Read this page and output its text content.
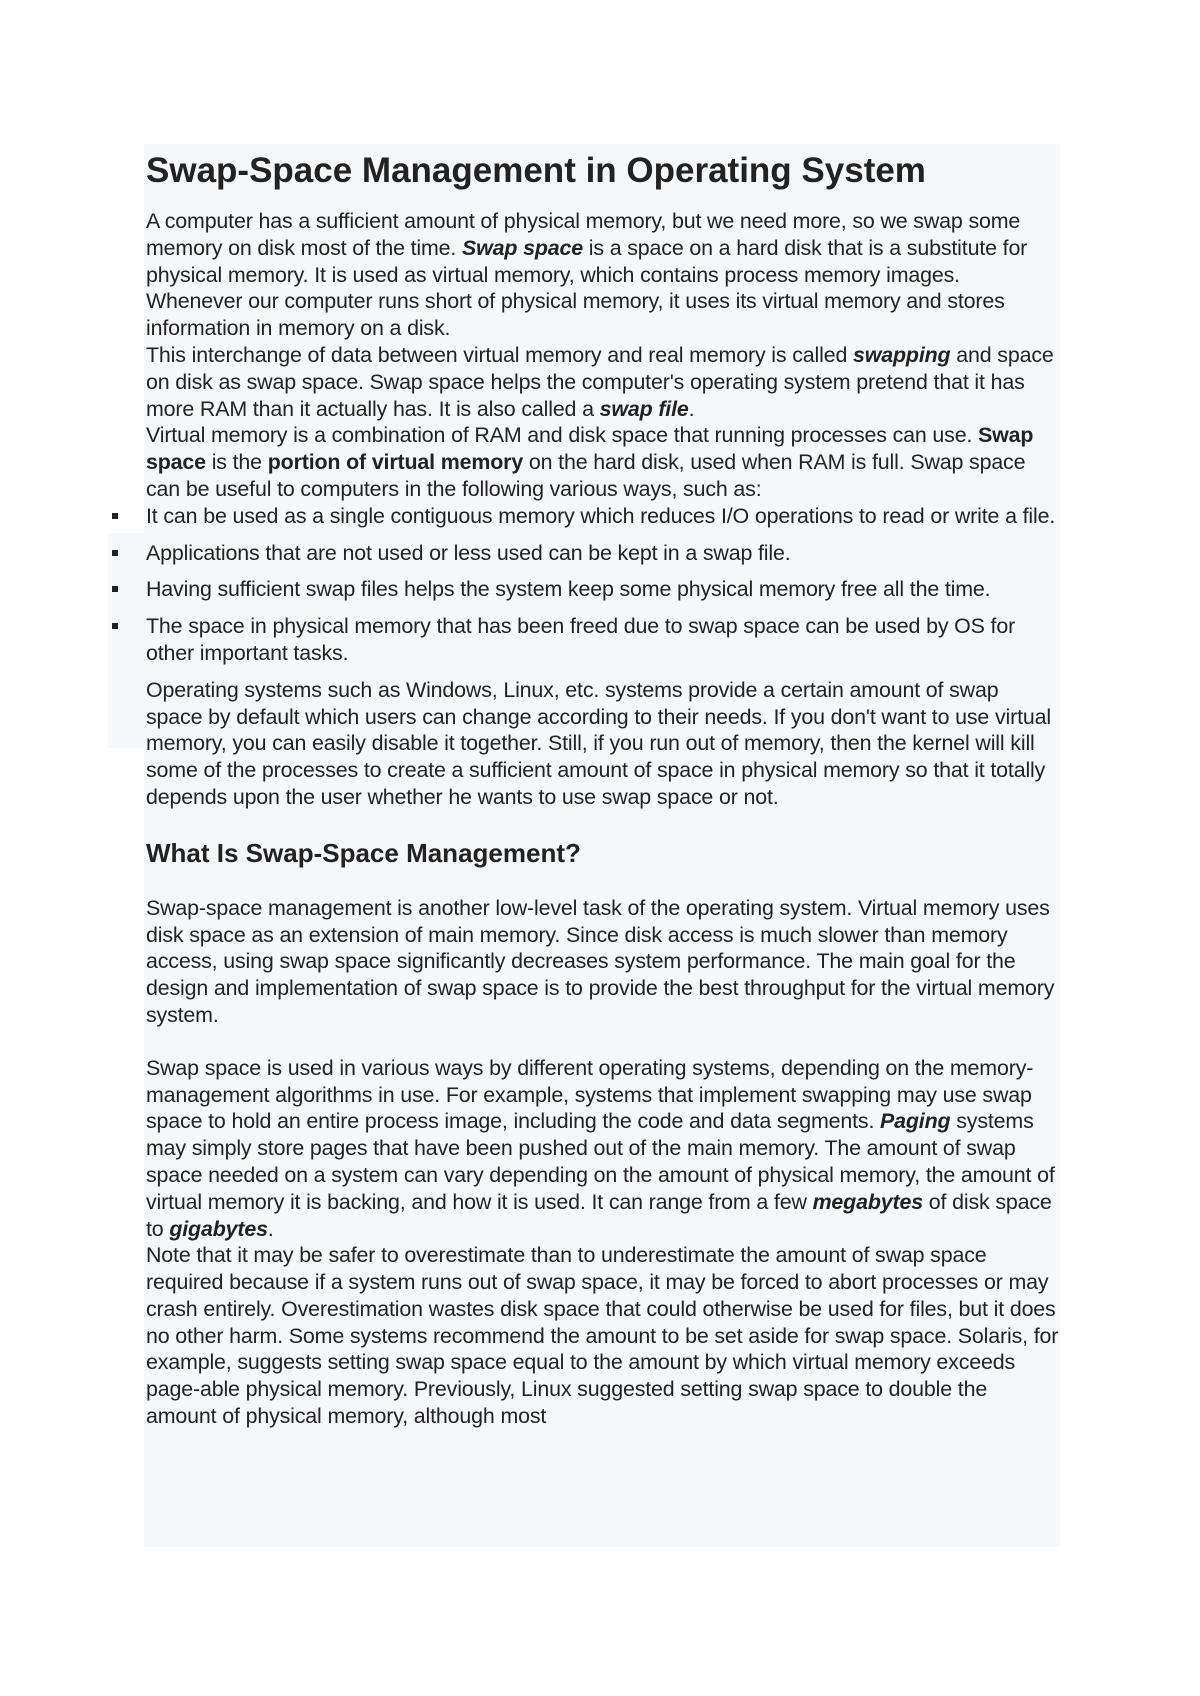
Swap-Space Management in Operating System

A computer has a sufficient amount of physical memory, but we need more, so we swap some memory on disk most of the time. Swap space is a space on a hard disk that is a substitute for physical memory. It is used as virtual memory, which contains process memory images. Whenever our computer runs short of physical memory, it uses its virtual memory and stores information in memory on a disk.

This interchange of data between virtual memory and real memory is called swapping and space on disk as swap space. Swap space helps the computer's operating system pretend that it has more RAM than it actually has. It is also called a swap file.

Virtual memory is a combination of RAM and disk space that running processes can use. Swap space is the portion of virtual memory on the hard disk, used when RAM is full. Swap space can be useful to computers in the following various ways, such as:

It can be used as a single contiguous memory which reduces I/O operations to read or write a file.
Applications that are not used or less used can be kept in a swap file.
Having sufficient swap files helps the system keep some physical memory free all the time.
The space in physical memory that has been freed due to swap space can be used by OS for other important tasks.

Operating systems such as Windows, Linux, etc. systems provide a certain amount of swap space by default which users can change according to their needs. If you don't want to use virtual memory, you can easily disable it together. Still, if you run out of memory, then the kernel will kill some of the processes to create a sufficient amount of space in physical memory so that it totally depends upon the user whether he wants to use swap space or not.

What Is Swap-Space Management?

Swap-space management is another low-level task of the operating system. Virtual memory uses disk space as an extension of main memory. Since disk access is much slower than memory access, using swap space significantly decreases system performance. The main goal for the design and implementation of swap space is to provide the best throughput for the virtual memory system.

Swap space is used in various ways by different operating systems, depending on the memory-management algorithms in use. For example, systems that implement swapping may use swap space to hold an entire process image, including the code and data segments. Paging systems may simply store pages that have been pushed out of the main memory. The amount of swap space needed on a system can vary depending on the amount of physical memory, the amount of virtual memory it is backing, and how it is used. It can range from a few megabytes of disk space to gigabytes.

Note that it may be safer to overestimate than to underestimate the amount of swap space required because if a system runs out of swap space, it may be forced to abort processes or may crash entirely. Overestimation wastes disk space that could otherwise be used for files, but it does no other harm. Some systems recommend the amount to be set aside for swap space. Solaris, for example, suggests setting swap space equal to the amount by which virtual memory exceeds page-able physical memory. Previously, Linux suggested setting swap space to double the amount of physical memory, although most
